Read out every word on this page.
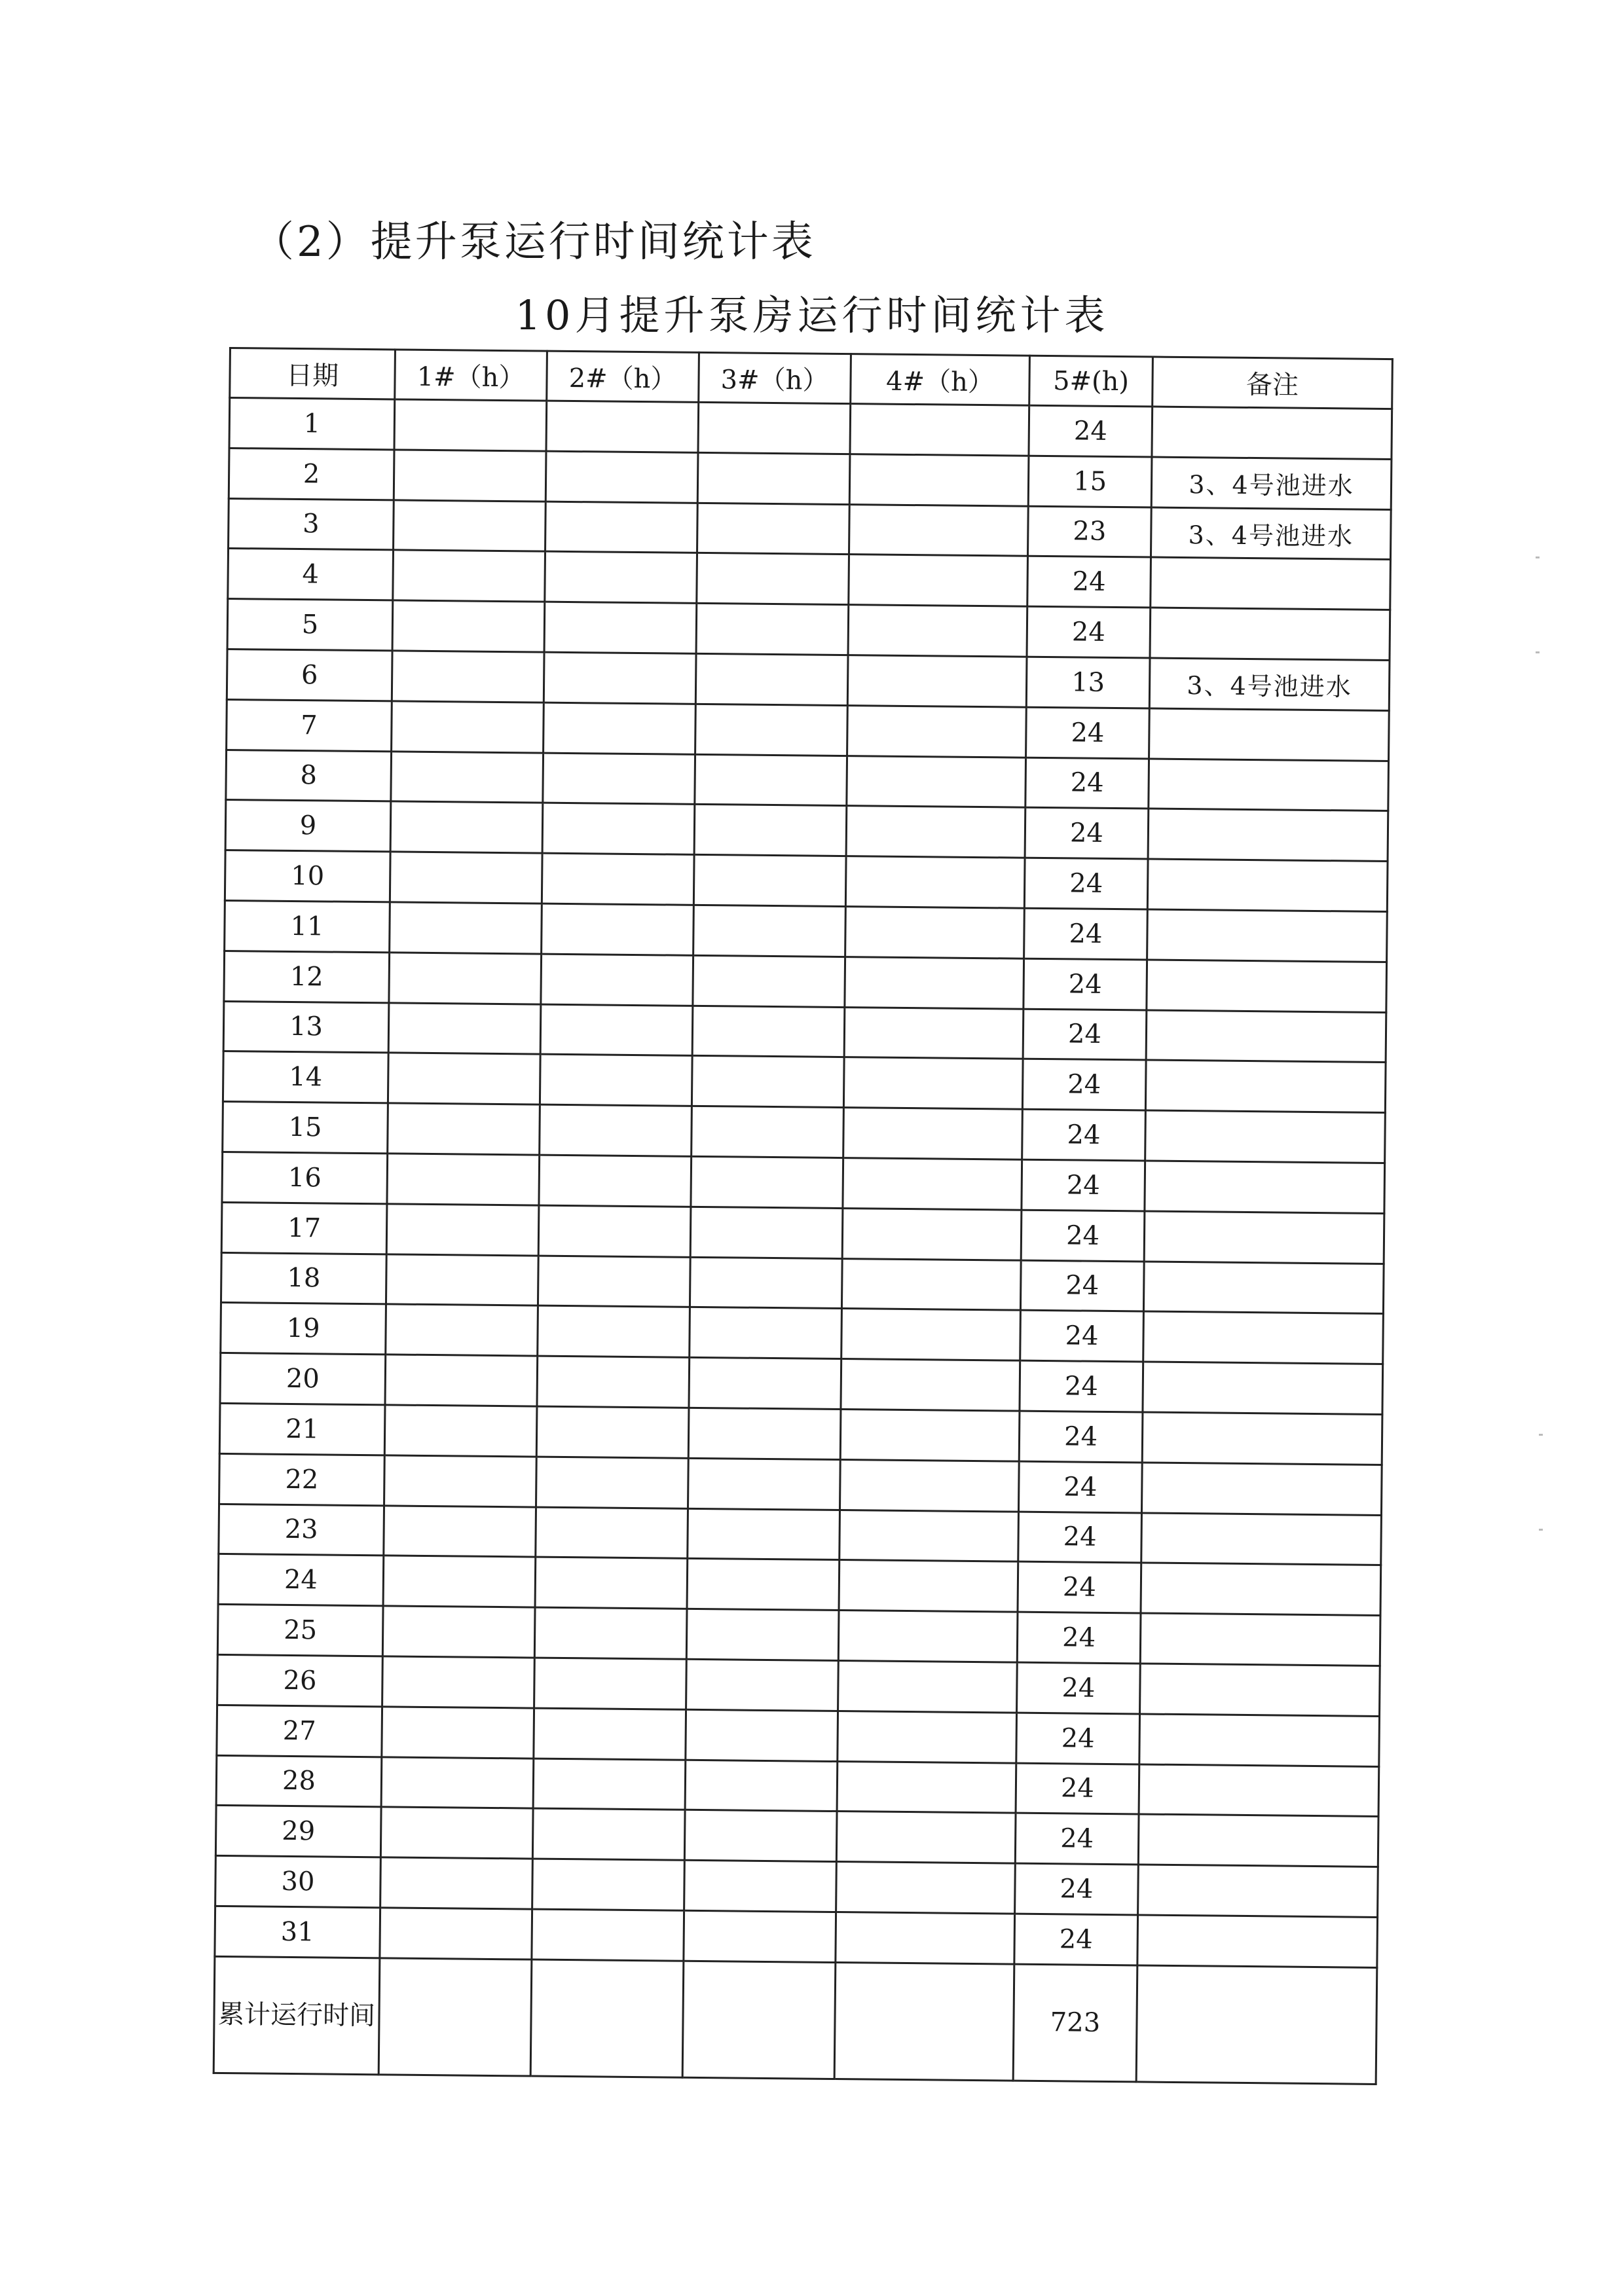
（2）提升泵运行时间统计表
10月提升泵房运行时间统计表
日期	1#（h）	2#（h）	3#（h）	4#（h）	5#(h)	备注
1					24	
2					15	3、4号池进水
3					23	3、4号池进水
4					24	
5					24	
6					13	3、4号池进水
7					24	
8					24	
9					24	
10					24	
11					24	
12					24	
13					24	
14					24	
15					24	
16					24	
17					24	
18					24	
19					24	
20					24	
21					24	
22					24	
23					24	
24					24	
25					24	
26					24	
27					24	
28					24	
29					24	
30					24	
31					24	
累计运行时间					723	
